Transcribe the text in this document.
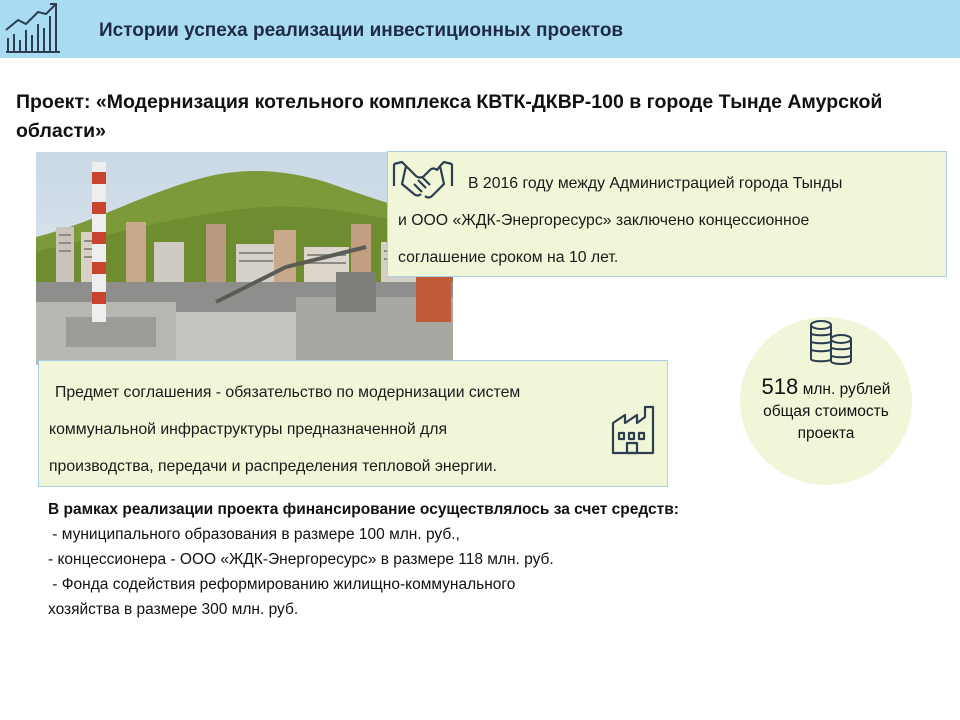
Истории успеха реализации инвестиционных проектов
Проект: «Модернизация котельного комплекса КВТК-ДКВР-100 в городе Тынде Амурской области»
В 2016 году между Администрацией города Тынды
и ООО «ЖДК-Энергоресурс» заключено концессионное
соглашение сроком на 10 лет.
Предмет соглашения - обязательство по модернизации систем
коммунальной инфраструктуры предназначенной для
производства, передачи и распределения тепловой энергии.
518 млн. рублей
общая стоимость
проекта
В рамках реализации проекта финансирование осуществлялось за счет средств:
- муниципального образования в размере 100 млн. руб.,
- концессионера - ООО «ЖДК-Энергоресурс» в размере 118 млн. руб.
- Фонда содействия реформированию жилищно-коммунального
хозяйства в размере 300 млн. руб.
